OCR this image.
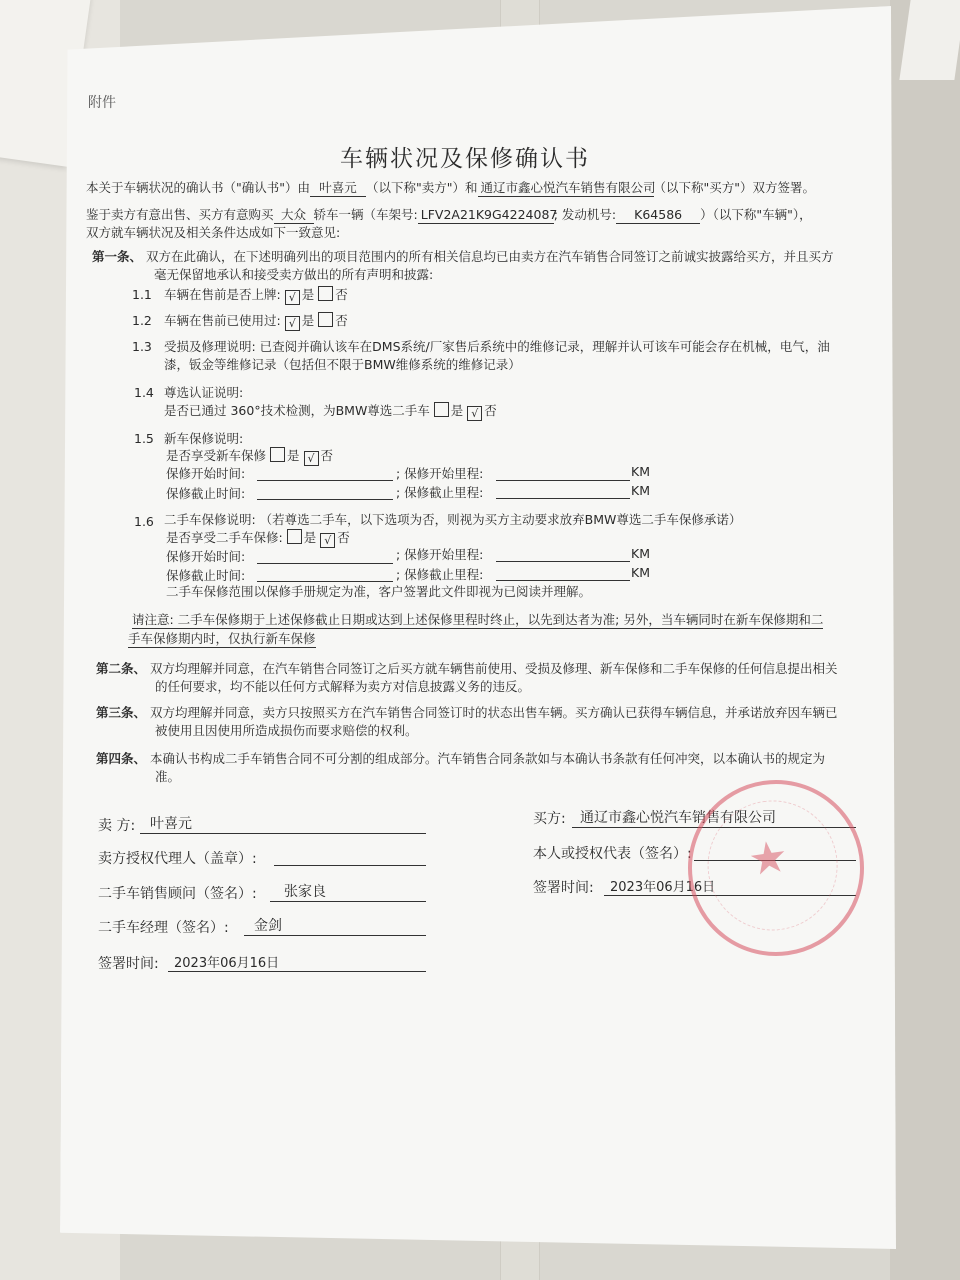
附件
车辆状况及保修确认书
本关于车辆状况的确认书（"确认书"）由 叶喜元 （以下称"卖方"）和 通辽市鑫心悦汽车销售有限公司（以下称"买方"）双方签署。
鉴于卖方有意出售、买方有意购买 大众 轿车一辆（车架号: LFV2A21K9G4224087; 发动机号: K64586 ）（以下称"车辆"），
双方就车辆状况及相关条件达成如下一致意见:
第一条、 双方在此确认，在下述明确列出的项目范围内的所有相关信息均已由卖方在汽车销售合同签订之前诚实披露给买方，并且买方
毫无保留地承认和接受卖方做出的所有声明和披露:
1.1 车辆在售前是否上牌: √ 是 否
1.2 车辆在售前已使用过: √ 是 否
1.3 受损及修理说明: 已查阅并确认该车在DMS系统/厂家售后系统中的维修记录，理解并认可该车可能会存在机械，电气，油
漆，钣金等维修记录（包括但不限于BMW维修系统的维修记录）
1.4 尊选认证说明:
是否已通过 360°技术检测，为BMW尊选二手车 是 √ 否
1.5 新车保修说明:
是否享受新车保修 是 √ 否
保修开始时间:	; 保修开始里程:	KM
保修截止时间:	; 保修截止里程:	KM
1.6 二手车保修说明: （若尊选二手车，以下选项为否，则视为买方主动要求放弃BMW尊选二手车保修承诺）
是否享受二手车保修: 是 √ 否
保修开始时间:	; 保修开始里程:	KM
保修截止时间:	; 保修截止里程:	KM
二手车保修范围以保修手册规定为准，客户签署此文件即视为已阅读并理解。
请注意: 二手车保修期于上述保修截止日期或达到上述保修里程时终止，以先到达者为准; 另外，当车辆同时在新车保修期和二
手车保修期内时，仅执行新车保修
第二条、 双方均理解并同意，在汽车销售合同签订之后买方就车辆售前使用、受损及修理、新车保修和二手车保修的任何信息提出相关
的任何要求，均不能以任何方式解释为卖方对信息披露义务的违反。
第三条、 双方均理解并同意，卖方只按照买方在汽车销售合同签订时的状态出售车辆。买方确认已获得车辆信息，并承诺放弃因车辆已
被使用且因使用所造成损伤而要求赔偿的权利。
第四条、 本确认书构成二手车销售合同不可分割的组成部分。汽车销售合同条款如与本确认书条款有任何冲突，以本确认书的规定为
准。
卖 方: 叶喜元
卖方授权代理人（盖章）:
二手车销售顾问（签名）: 张家良
二手车经理（签名）: 金剑
签署时间: 2023年06月16日
买方: 通辽市鑫心悦汽车销售有限公司
本人或授权代表（签名）:
签署时间: 2023年06月16日
★
